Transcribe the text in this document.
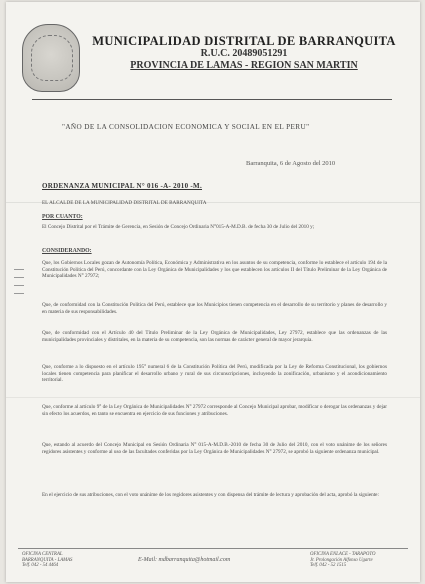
MUNICIPALIDAD DISTRITAL DE BARRANQUITA
R.U.C. 20489051291
PROVINCIA DE LAMAS - REGION SAN MARTIN
"AÑO DE LA CONSOLIDACION ECONOMICA Y SOCIAL EN EL PERU"
Barranquita, 6 de Agosto del 2010
ORDENANZA MUNICIPAL N° 016 -A- 2010 -M.
EL ALCALDE DE LA MUNICIPALIDAD DISTRITAL DE BARRANQUITA
POR CUANTO:
El Concejo Distrital por el Trámite de Gerencia, en Sesión de Concejo Ordinaria N°015-A-M.D.B. de fecha 30 de Julio del 2010 y;
CONSIDERANDO:
Que, los Gobiernos Locales gozan de Autonomía Política, Económica y Administrativa en los asuntos de su competencia, conforme lo establece el artículo 194 de la Constitución Política del Perú, concordante con la Ley Orgánica de Municipalidades y los que establecen los artículos II del Título Preliminar de la Ley Orgánica de Municipalidades N° 27972;
Que, de conformidad con la Constitución Política del Perú, establece que los Municipios tienen competencia en el desarrollo de su territorio y planes de desarrollo y en materia de sus responsabilidades.
Que, de conformidad con el Artículo 40 del Título Preliminar de la Ley Orgánica de Municipalidades, Ley 27972, establece que las ordenanzas de las municipalidades provinciales y distritales, en la materia de su competencia, son las normas de carácter general de mayor jerarquía.
Que, conforme a lo dispuesto en el artículo 195° numeral 6 de la Constitución Política del Perú, modificada por la Ley de Reforma Constitucional, los gobiernos locales tienen competencia para planificar el desarrollo urbano y rural de sus circunscripciones, incluyendo la zonificación, urbanismo y el acondicionamiento territorial.
Que, conforme al artículo 9° de la Ley Orgánica de Municipalidades N° 27972 corresponde al Concejo Municipal aprobar, modificar o derogar las ordenanzas y dejar sin efecto los acuerdos, en tanto se encuentra en ejercicio de sus funciones y atribuciones.
Que, estando al acuerdo del Concejo Municipal en Sesión Ordinaria N° 015-A-M.D.B.-2010 de fecha 30 de Julio del 2010, con el voto unánime de los señores regidores asistentes y conforme al uso de las facultades conferidas por la Ley Orgánica de Municipalidades N° 27972, se aprobó la siguiente ordenanza municipal.
En el ejercicio de sus atribuciones, con el voto unánime de los regidores asistentes y con dispensa del trámite de lectura y aprobación del acta, aprobó la siguiente:
OFICINA CENTRAL
BARRANQUITA - LAMAS
Telf. 042 - 54 4464
E-Mail: mdbarranquita@hotmail.com
OFICINA ENLACE - TARAPOTO
Jr. Prolongación Alfonso Ugarte
Telf. 042 - 52 1515
